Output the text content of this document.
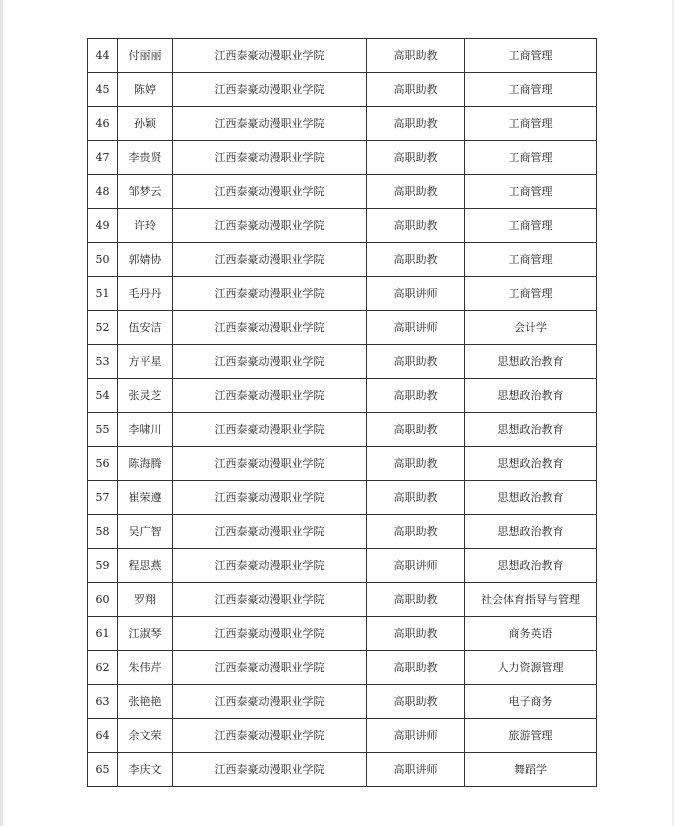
44	付丽丽	江西泰豪动漫职业学院	高职助教	工商管理
45	陈婷	江西泰豪动漫职业学院	高职助教	工商管理
46	孙颖	江西泰豪动漫职业学院	高职助教	工商管理
47	李贵贤	江西泰豪动漫职业学院	高职助教	工商管理
48	邹梦云	江西泰豪动漫职业学院	高职助教	工商管理
49	许玲	江西泰豪动漫职业学院	高职助教	工商管理
50	郭婧协	江西泰豪动漫职业学院	高职助教	工商管理
51	毛丹丹	江西泰豪动漫职业学院	高职讲师	工商管理
52	伍安洁	江西泰豪动漫职业学院	高职讲师	会计学
53	方平星	江西泰豪动漫职业学院	高职助教	思想政治教育
54	张灵芝	江西泰豪动漫职业学院	高职助教	思想政治教育
55	李啸川	江西泰豪动漫职业学院	高职助教	思想政治教育
56	陈海腾	江西泰豪动漫职业学院	高职助教	思想政治教育
57	崔荣遵	江西泰豪动漫职业学院	高职助教	思想政治教育
58	吴广智	江西泰豪动漫职业学院	高职助教	思想政治教育
59	程思燕	江西泰豪动漫职业学院	高职讲师	思想政治教育
60	罗翔	江西泰豪动漫职业学院	高职助教	社会体育指导与管理
61	江淑琴	江西泰豪动漫职业学院	高职助教	商务英语
62	朱伟芹	江西泰豪动漫职业学院	高职助教	人力资源管理
63	张艳艳	江西泰豪动漫职业学院	高职助教	电子商务
64	余文荣	江西泰豪动漫职业学院	高职讲师	旅游管理
65	李庆文	江西泰豪动漫职业学院	高职讲师	舞蹈学
